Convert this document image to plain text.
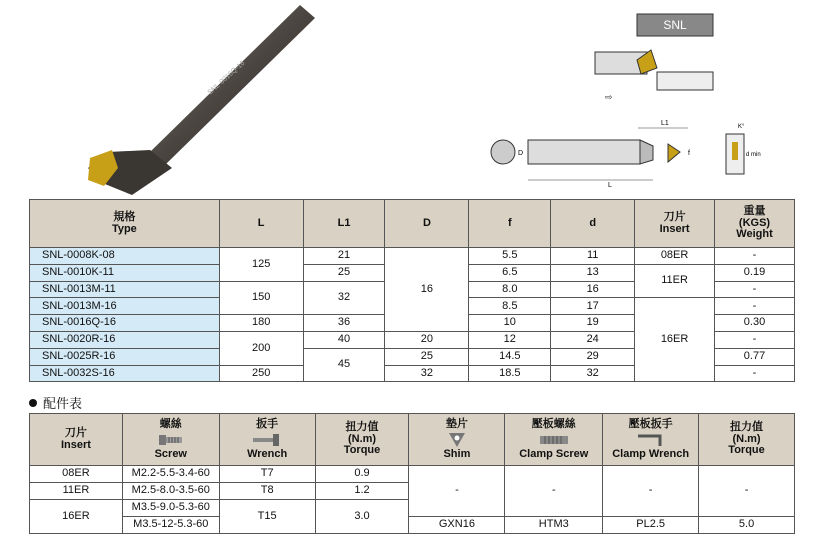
SNL-0016Q-16
SNL
⇨
L
L1
D	f	d min
K°
規格
Type	L	L1	D	f	d	刀片
Insert	重量
(KGS)
Weight

SNL-0008K-08	125	21	16	5.5	11	08ER	-
SNL-0010K-11		25		6.5	13	11ER	0.19
SNL-0013M-11	150	32		8.0	16		-
SNL-0013M-16				8.5	17	16ER	-
SNL-0016Q-16	180	36		10	19		0.30
SNL-0020R-16	200	40	20	12	24		-
SNL-0025R-16		45	25	14.5	29		0.77
SNL-0032S-16	250		32	18.5	32		-
配件表
刀片
Insert	螺絲
Screw	扳手
Wrench	扭力值
(N.m)
Torque	墊片
Shim	壓板螺絲
Clamp Screw	壓板扳手
Clamp Wrench	扭力值
(N.m)
Torque

08ER	M2.2-5.5-3.4-60	T7	0.9	-	-	-	-
11ER	M2.5-8.0-3.5-60	T8	1.2				
16ER	M3.5-9.0-5.3-60	T15	3.0				
	M3.5-12-5.3-60			GXN16	HTM3	PL2.5	5.0
